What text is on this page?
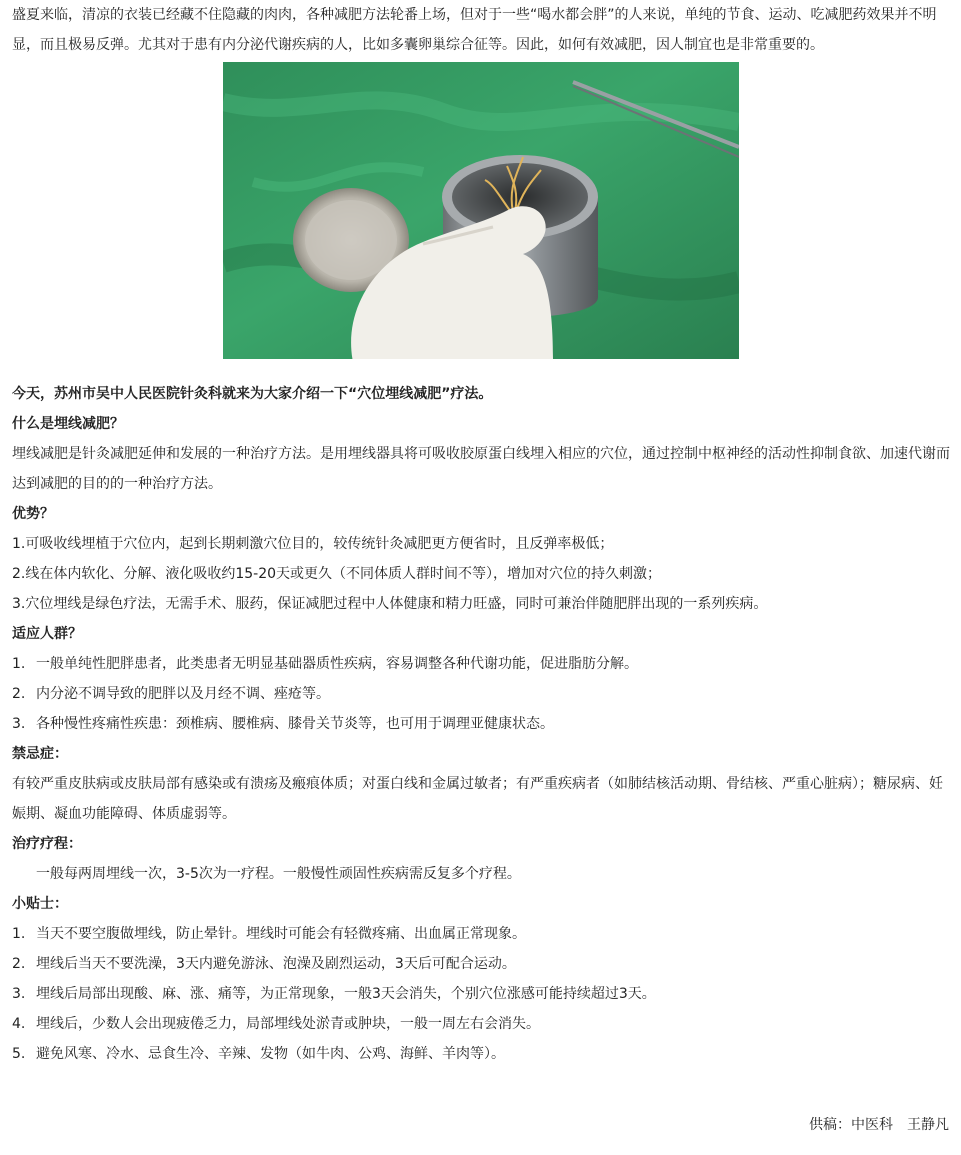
盛夏来临，清凉的衣装已经藏不住隐藏的肉肉，各种减肥方法轮番上场，但对于一些“喝水都会胖”的人来说，单纯的节食、运动、吃减肥药效果并不明显，而且极易反弹。尤其对于患有内分泌代谢疾病的人，比如多囊卵巢综合征等。因此，如何有效减肥，因人制宜也是非常重要的。

今天，苏州市吴中人民医院针灸科就来为大家介绍一下“穴位埋线减肥”疗法。

什么是埋线减肥？

埋线减肥是针灸减肥延伸和发展的一种治疗方法。是用埋线器具将可吸收胶原蛋白线埋入相应的穴位，通过控制中枢神经的活动性抑制食欲、加速代谢而达到减肥的目的的一种治疗方法。

优势？

1.可吸收线埋植于穴位内，起到长期刺激穴位目的，较传统针灸减肥更方便省时，且反弹率极低；

2.线在体内软化、分解、液化吸收约15-20天或更久（不同体质人群时间不等），增加对穴位的持久刺激；

3.穴位埋线是绿色疗法，无需手术、服药，保证减肥过程中人体健康和精力旺盛，同时可兼治伴随肥胖出现的一系列疾病。

适应人群？

1. 一般单纯性肥胖患者，此类患者无明显基础器质性疾病，容易调整各种代谢功能，促进脂肪分解。

2. 内分泌不调导致的肥胖以及月经不调、痤疮等。

3. 各种慢性疼痛性疾患：颈椎病、腰椎病、膝骨关节炎等，也可用于调理亚健康状态。

禁忌症：

有较严重皮肤病或皮肤局部有感染或有溃疡及瘢痕体质；对蛋白线和金属过敏者；有严重疾病者（如肺结核活动期、骨结核、严重心脏病）；糖尿病、妊娠期、凝血功能障碍、体质虚弱等。

治疗疗程：

一般每两周埋线一次，3-5次为一疗程。一般慢性顽固性疾病需反复多个疗程。

小贴士：

1. 当天不要空腹做埋线，防止晕针。埋线时可能会有轻微疼痛、出血属正常现象。

2. 埋线后当天不要洗澡，3天内避免游泳、泡澡及剧烈运动，3天后可配合运动。

3. 埋线后局部出现酸、麻、涨、痛等，为正常现象，一般3天会消失，个别穴位涨感可能持续超过3天。

4. 埋线后，少数人会出现疲倦乏力，局部埋线处淤青或肿块，一般一周左右会消失。

5. 避免风寒、冷水、忌食生冷、辛辣、发物（如牛肉、公鸡、海鲜、羊肉等）。

供稿：中医科 王静凡
